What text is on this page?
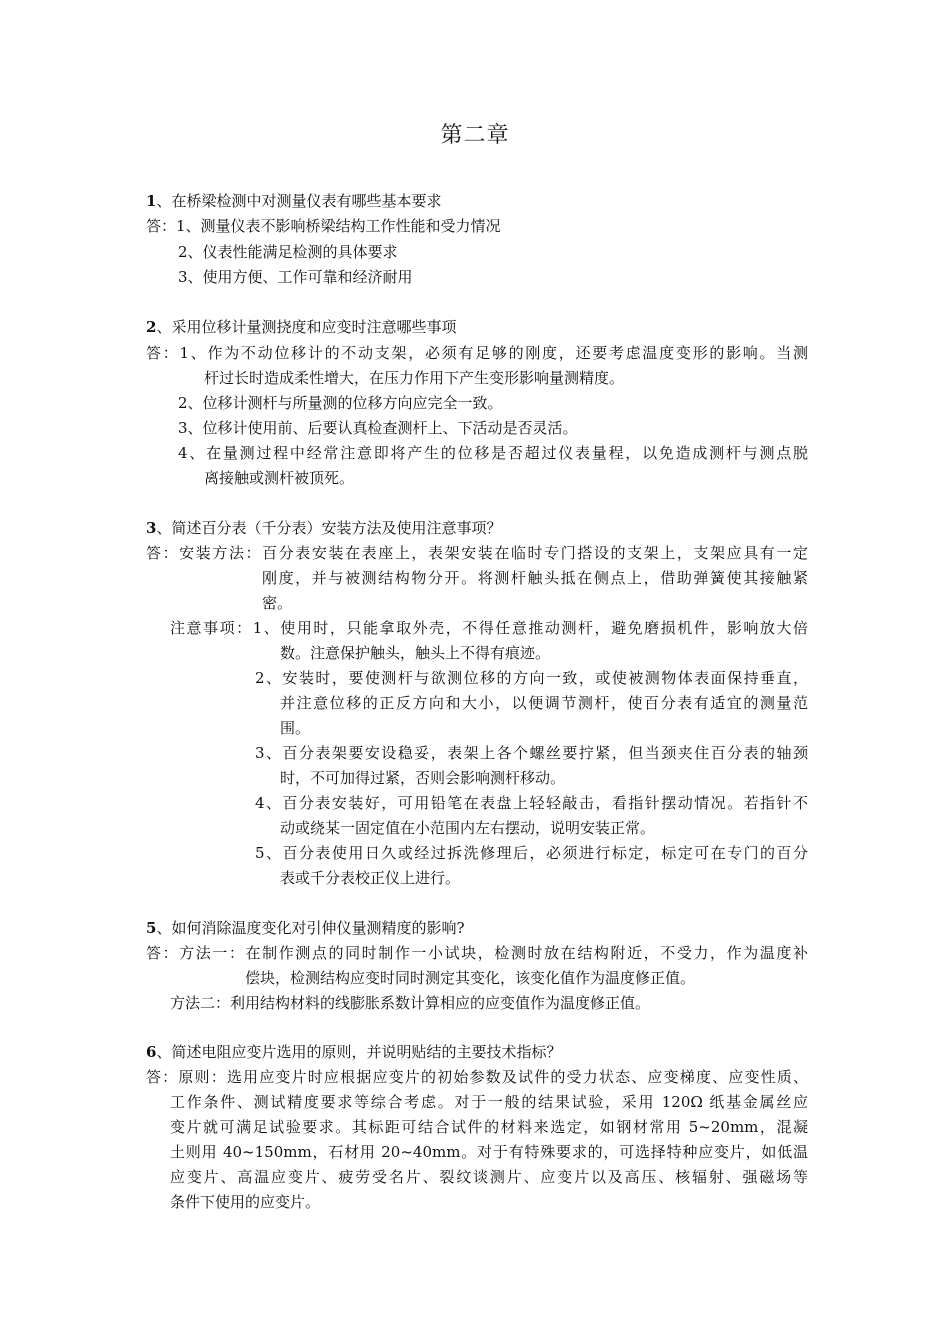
第二章
1、在桥梁检测中对测量仪表有哪些基本要求
答：1、测量仪表不影响桥梁结构工作性能和受力情况
2、仪表性能满足检测的具体要求
3、使用方便、工作可靠和经济耐用
2、采用位移计量测挠度和应变时注意哪些事项
答：1、作为不动位移计的不动支架，必须有足够的刚度，还要考虑温度变形的影响。当测
杆过长时造成柔性增大，在压力作用下产生变形影响量测精度。
2、位移计测杆与所量测的位移方向应完全一致。
3、位移计使用前、后要认真检查测杆上、下活动是否灵活。
4、在量测过程中经常注意即将产生的位移是否超过仪表量程，以免造成测杆与测点脱
离接触或测杆被顶死。
3、简述百分表（千分表）安装方法及使用注意事项？
答：安装方法：百分表安装在表座上，表架安装在临时专门搭设的支架上，支架应具有一定
刚度，并与被测结构物分开。将测杆触头抵在侧点上，借助弹簧使其接触紧
密。
注意事项：1、使用时，只能拿取外壳，不得任意推动测杆，避免磨损机件，影响放大倍
数。注意保护触头，触头上不得有痕迹。
2、安装时，要使测杆与欲测位移的方向一致，或使被测物体表面保持垂直，
并注意位移的正反方向和大小，以便调节测杆，使百分表有适宜的测量范
围。
3、百分表架要安设稳妥，表架上各个螺丝要拧紧，但当颈夹住百分表的轴颈
时，不可加得过紧，否则会影响测杆移动。
4、百分表安装好，可用铅笔在表盘上轻轻敲击，看指针摆动情况。若指针不
动或绕某一固定值在小范围内左右摆动，说明安装正常。
5、百分表使用日久或经过拆洗修理后，必须进行标定，标定可在专门的百分
表或千分表校正仪上进行。
5、如何消除温度变化对引伸仪量测精度的影响?
答：方法一：在制作测点的同时制作一小试块，检测时放在结构附近，不受力，作为温度补
偿块，检测结构应变时同时测定其变化，该变化值作为温度修正值。
方法二：利用结构材料的线膨胀系数计算相应的应变值作为温度修正值。
6、简述电阻应变片选用的原则，并说明贴结的主要技术指标？
答：原则：选用应变片时应根据应变片的初始参数及试件的受力状态、应变梯度、应变性质、
工作条件、测试精度要求等综合考虑。对于一般的结果试验，采用 120Ω 纸基金属丝应
变片就可满足试验要求。其标距可结合试件的材料来选定，如钢材常用 5~20mm，混凝
土则用 40~150mm，石材用 20~40mm。对于有特殊要求的，可选择特种应变片，如低温
应变片、高温应变片、疲劳受名片、裂纹谈测片、应变片以及高压、核辐射、强磁场等
条件下使用的应变片。
